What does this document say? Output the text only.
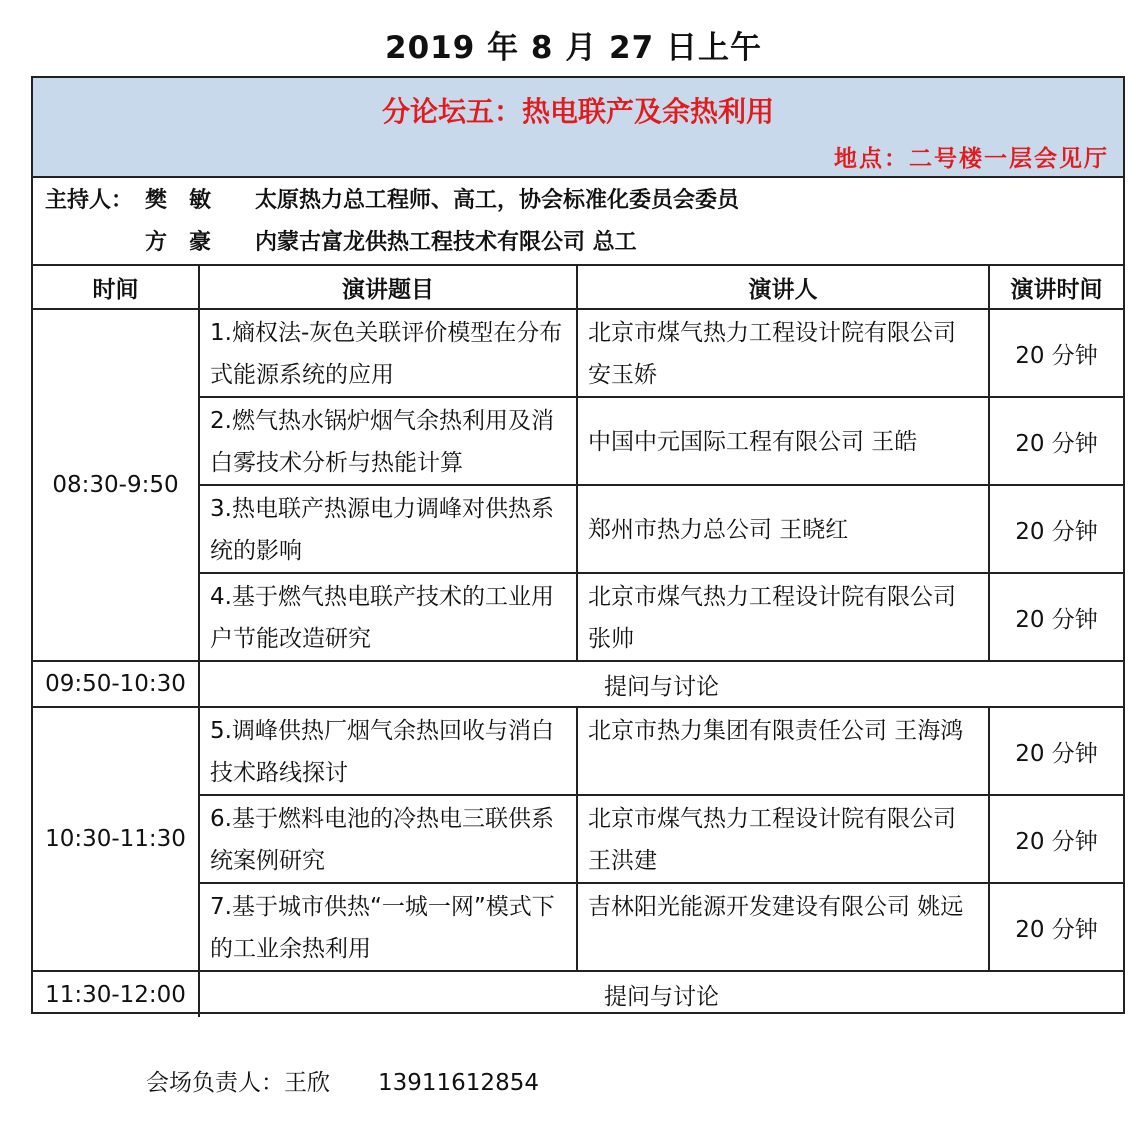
2019 年 8 月 27 日上午
分论坛五：热电联产及余热利用
地点：二号楼一层会见厅
主持人： 樊敏 太原热力总工程师、高工，协会标准化委员会委员
方豪 内蒙古富龙供热工程技术有限公司 总工
时间	演讲题目	演讲人	演讲时间
08:30-9:50	1.熵权法-灰色关联评价模型在分布式能源系统的应用	北京市煤气热力工程设计院有限公司 安玉娇	20 分钟
	2.燃气热水锅炉烟气余热利用及消白雾技术分析与热能计算	中国中元国际工程有限公司 王皓	20 分钟
	3.热电联产热源电力调峰对供热系统的影响	郑州市热力总公司 王晓红	20 分钟
	4.基于燃气热电联产技术的工业用户节能改造研究	北京市煤气热力工程设计院有限公司 张帅	20 分钟
09:50-10:30	提问与讨论		
10:30-11:30	5.调峰供热厂烟气余热回收与消白技术路线探讨	北京市热力集团有限责任公司 王海鸿	20 分钟
	6.基于燃料电池的冷热电三联供系统案例研究	北京市煤气热力工程设计院有限公司 王洪建	20 分钟
	7.基于城市供热“一城一网”模式下的工业余热利用	吉林阳光能源开发建设有限公司 姚远	20 分钟
11:30-12:00	提问与讨论		
会场负责人：王欣 13911612854
